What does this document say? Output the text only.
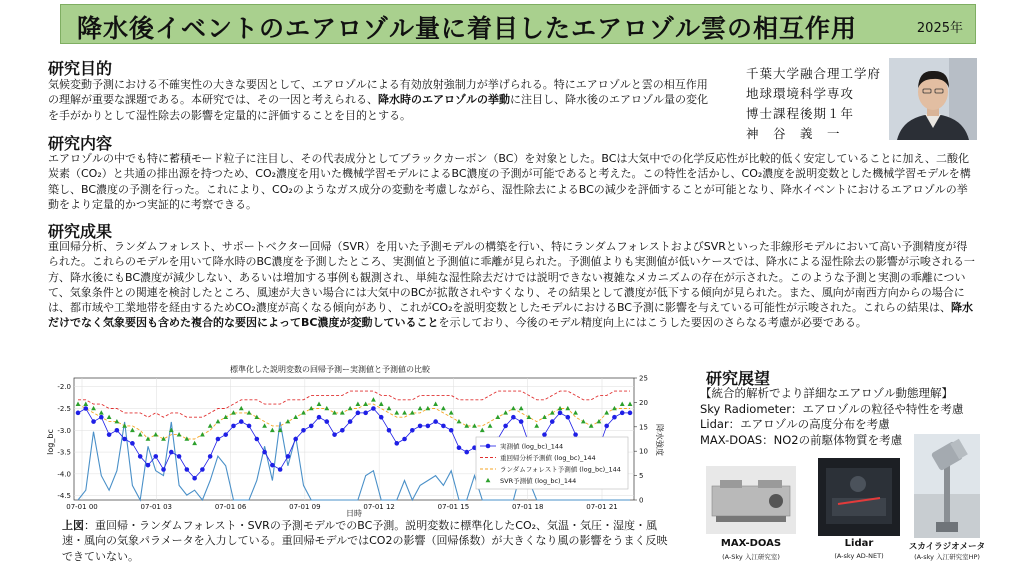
降水後イベントのエアロゾル量に着目したエアロゾル雲の相互作用	2025年
研究目的
気候変動予測における不確実性の大きな要因として、エアロゾルによる有効放射強制力が挙げられる。特にエアロゾルと雲の相互作用の理解が重要な課題である。本研究では、その一因と考えられる、降水時のエアロゾルの挙動に注目し、降水後のエアロゾル量の変化を手がかりとして湿性除去の影響を定量的に評価することを目的とする。
千葉大学融合理工学府
地球環境科学専攻
博士課程後期１年
神　谷　義　一
研究内容
エアロゾルの中でも特に蓄積モード粒子に注目し、その代表成分としてブラックカーボン（BC）を対象とした。BCは大気中での化学反応性が比較的低く安定していることに加え、二酸化炭素（CO₂）と共通の排出源を持つため、CO₂濃度を用いた機械学習モデルによるBC濃度の予測が可能であると考えた。この特性を活かし、CO₂濃度を説明変数とした機械学習モデルを構築し、BC濃度の予測を行った。これにより、CO₂のようなガス成分の変動を考慮しながら、湿性除去によるBCの減少を評価することが可能となり、降水イベントにおけるエアロゾルの挙動をより定量的かつ実証的に考察できる。
研究成果
重回帰分析、ランダムフォレスト、サポートベクター回帰（SVR）を用いた予測モデルの構築を行い、特にランダムフォレストおよびSVRといった非線形モデルにおいて高い予測精度が得られた。これらのモデルを用いて降水時のBC濃度を予測したところ、実測値と予測値に乖離が見られた。予測値よりも実測値が低いケースでは、降水による湿性除去の影響が示唆される一方、降水後にもBC濃度が減少しない、あるいは増加する事例も観測され、単純な湿性除去だけでは説明できない複雑なメカニズムの存在が示された。このような予測と実測の乖離について、気象条件との関連を検討したところ、風速が大きい場合には大気中のBCが拡散されやすくなり、その結果として濃度が低下する傾向が見られた。また、風向が南西方向からの場合には、都市域や工業地帯を経由するためCO₂濃度が高くなる傾向があり、これがCO₂を説明変数としたモデルにおけるBC予測に影響を与えている可能性が示唆された。これらの結果は、降水だけでなく気象要因も含めた複合的な要因によってBC濃度が変動していることを示しており、今後のモデル精度向上にはこうした要因のさらなる考慮が必要である。
標準化した説明変数の回帰予測ー実測値と予測値の比較
-2.0
-2.5
-3.0
-3.5
-4.0
-4.5
0
5
10
15
20
25
07-01 00	07-01 03	07-01 06	07-01 09	07-01 12	07-01 15	07-01 18	07-01 21
log_bc	降水強度
日時
実測値 (log_bc)_144
重回帰分析予測値 (log_bc)_144
ランダムフォレスト予測値 (log_bc)_144
SVR予測値 (log_bc)_144
上図：重回帰・ランダムフォレスト・SVRの予測モデルでのBC予測。説明変数に標準化したCO₂、気温・気圧・湿度・風速・風向の気象パラメータを入力している。重回帰モデルではCO2の影響（回帰係数）が大きくなり風の影響をうまく反映できていない。
研究展望
【統合的解析でより詳細なエアロゾル動態理解】
Sky Radiometer：エアロゾルの粒径や特性を考慮
Lidar：エアロゾルの高度分布を考慮
MAX-DOAS：NO2の前駆体物質を考慮
MAX-DOAS
(A-Sky 入江研究室)
Lidar
(A-sky AD-NET)
スカイラジオメータ
(A-sky 入江研究室HP)
